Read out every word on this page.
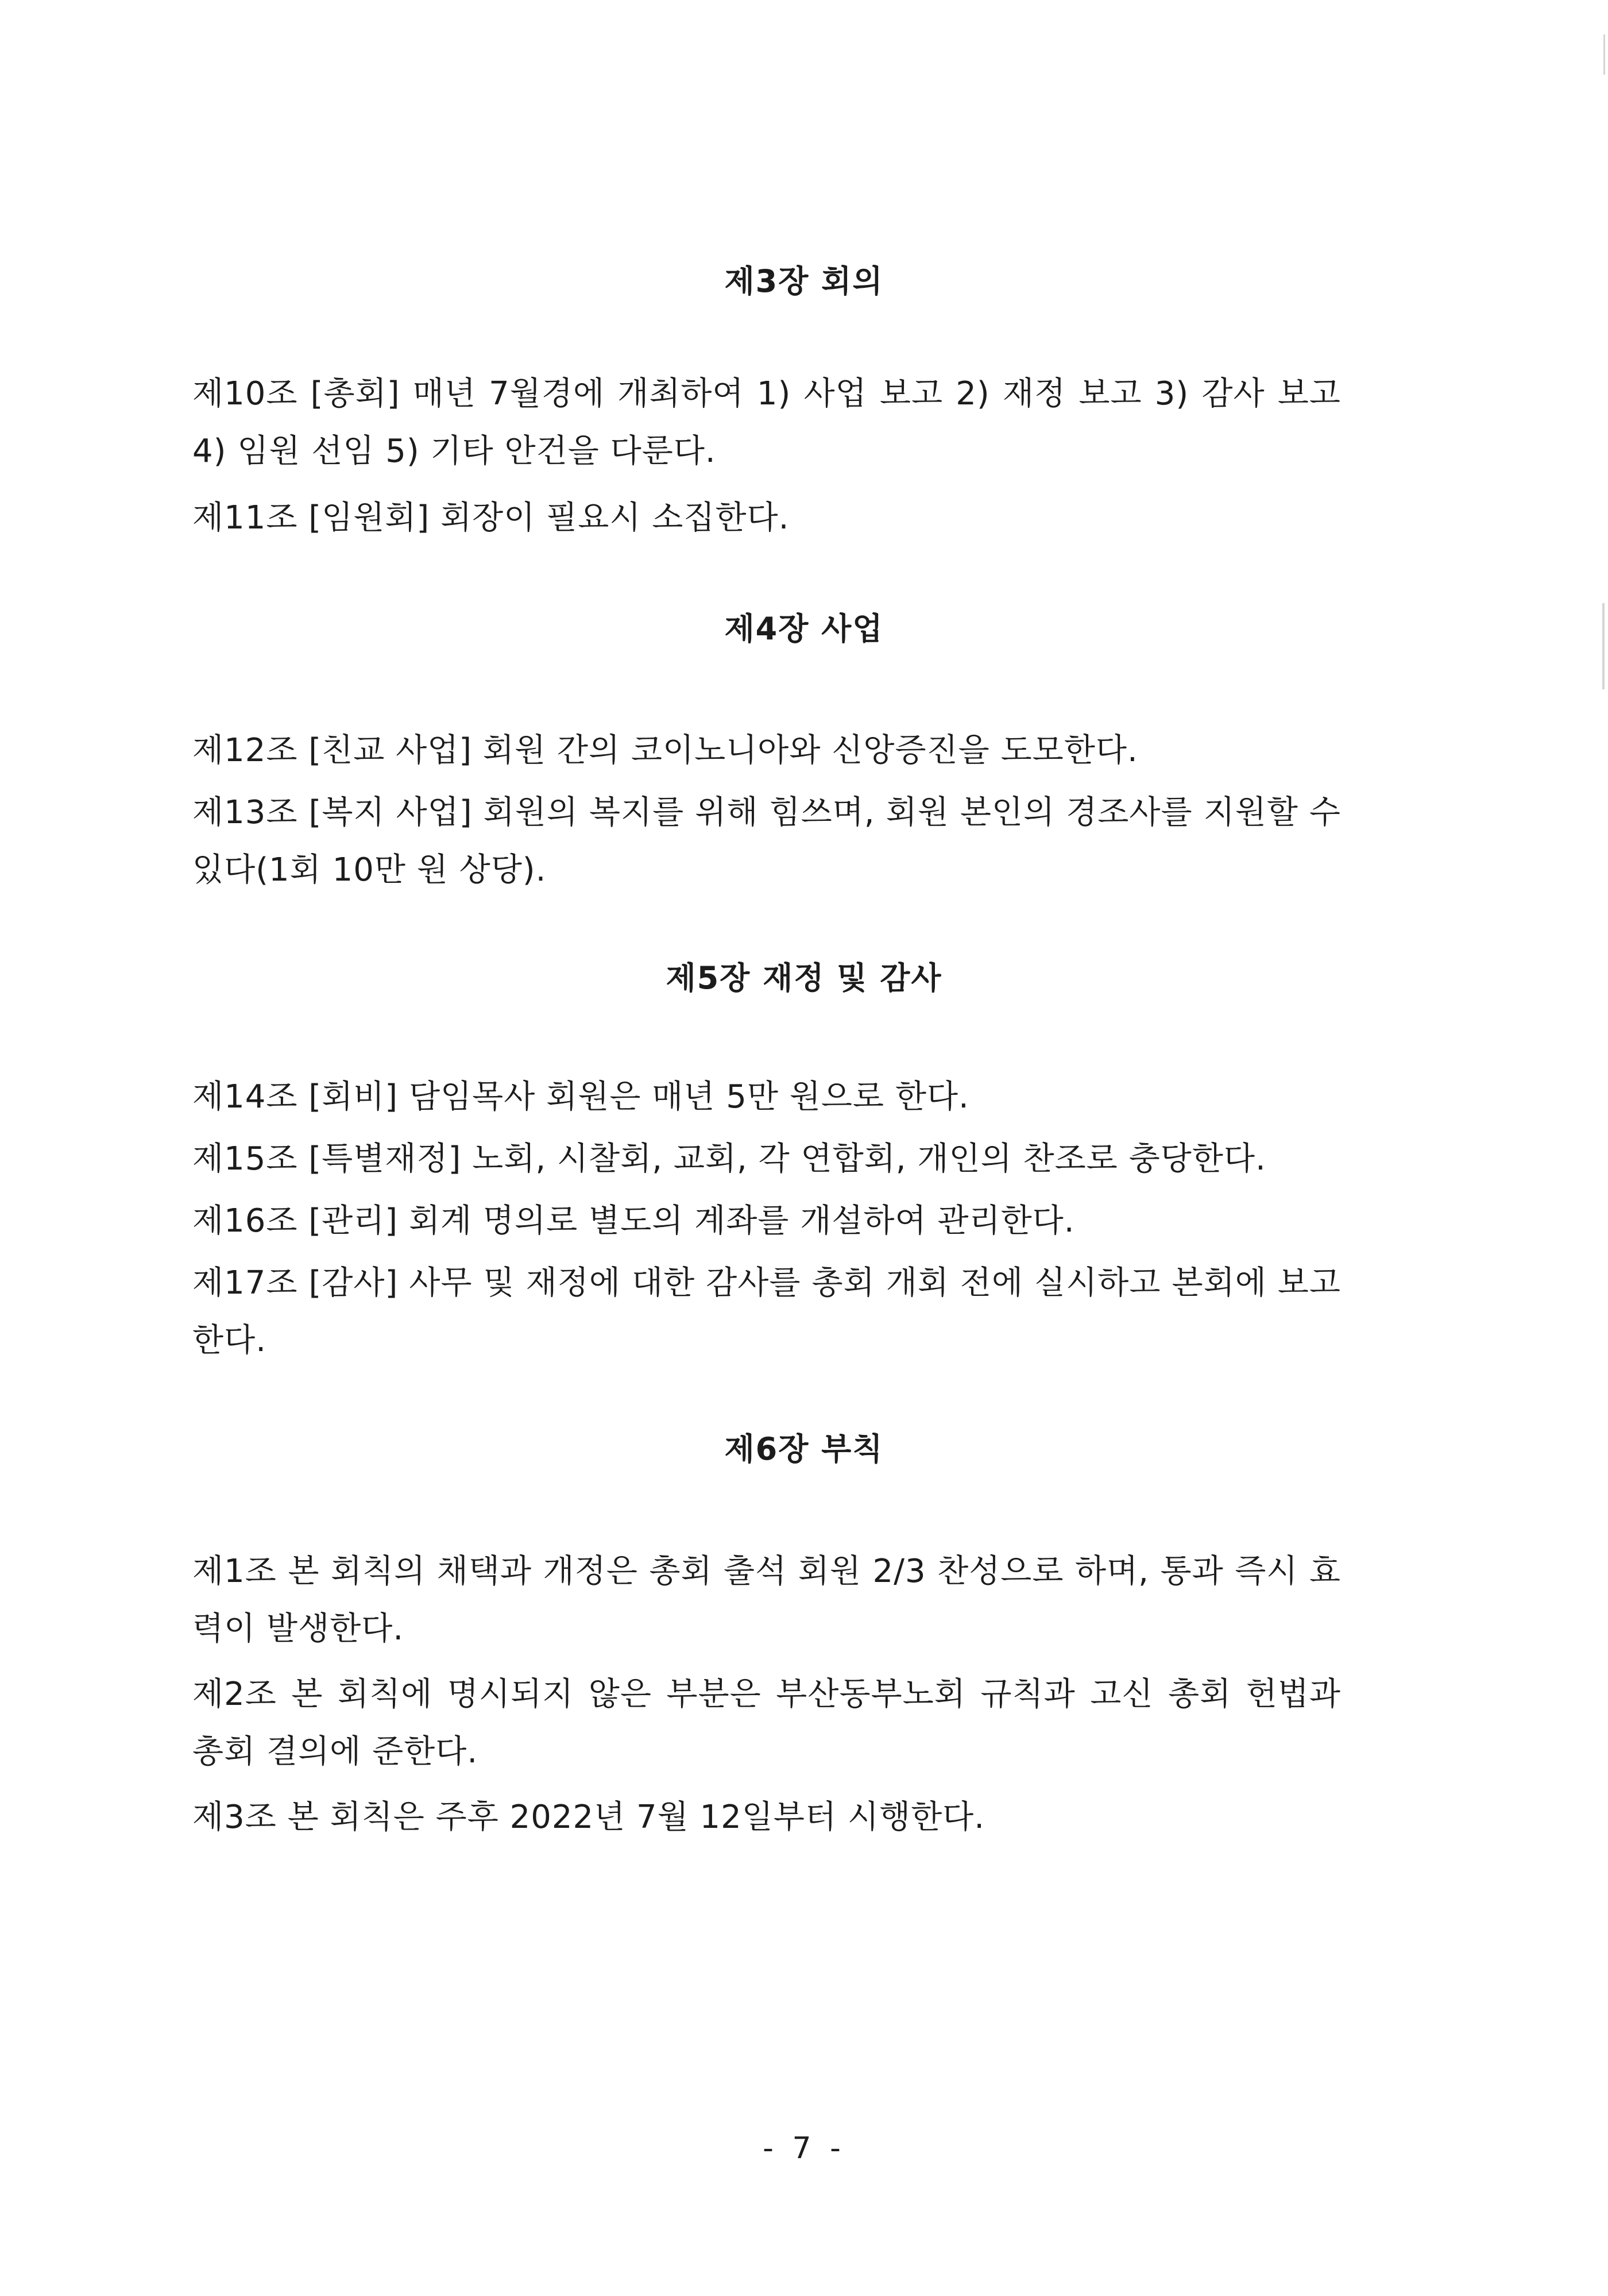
제3장 회의

제10조 [총회] 매년 7월경에 개최하여 1) 사업 보고 2) 재정 보고 3) 감사 보고 4) 임원 선임 5) 기타 안건을 다룬다.

제11조 [임원회] 회장이 필요시 소집한다.

제4장 사업

제12조 [친교 사업] 회원 간의 코이노니아와 신앙증진을 도모한다.

제13조 [복지 사업] 회원의 복지를 위해 힘쓰며, 회원 본인의 경조사를 지원할 수 있다(1회 10만 원 상당).

제5장 재정 및 감사

제14조 [회비] 담임목사 회원은 매년 5만 원으로 한다.

제15조 [특별재정] 노회, 시찰회, 교회, 각 연합회, 개인의 찬조로 충당한다.

제16조 [관리] 회계 명의로 별도의 계좌를 개설하여 관리한다.

제17조 [감사] 사무 및 재정에 대한 감사를 총회 개회 전에 실시하고 본회에 보고한다.

제6장 부칙

제1조 본 회칙의 채택과 개정은 총회 출석 회원 2/3 찬성으로 하며, 통과 즉시 효력이 발생한다.

제2조 본 회칙에 명시되지 않은 부분은 부산동부노회 규칙과 고신 총회 헌법과 총회 결의에 준한다.

제3조 본 회칙은 주후 2022년 7월 12일부터 시행한다.

- 7 -
